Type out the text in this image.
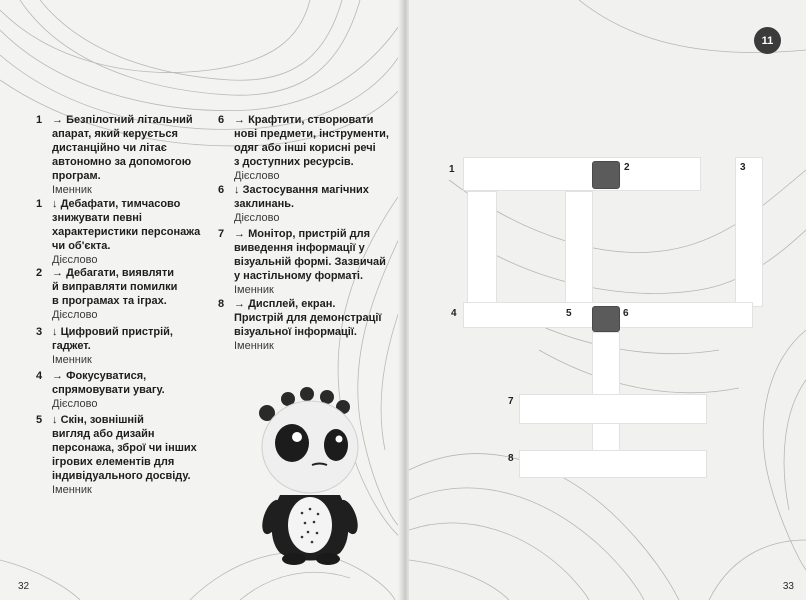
1 → Безпілотний літальний
апарат, який керується
дистанційно чи літає
автономно за допомогою
програм.
Іменник
1 ↓ Дебафати, тимчасово
знижувати певні
характеристики персонажа
чи об'єкта.
Дієслово
2 → Дебагати, виявляти
й виправляти помилки
в програмах та іграх.
Дієслово
3 ↓ Цифровий пристрій,
гаджет.
Іменник
4 → Фокусуватися,
спрямовувати увагу.
Дієслово
5 ↓ Скін, зовнішній
вигляд або дизайн
персонажа, зброї чи інших
ігрових елементів для
індивідуального досвіду.
Іменник
6 → Крафтити, створювати
нові предмети, інструменти,
одяг або інші корисні речі
з доступних ресурсів.
Дієслово
6 ↓ Застосування магічних
заклинань.
Дієслово
7 → Монітор, пристрій для
виведення інформації у
візуальній формі. Зазвичай
у настільному форматі.
Іменник
8 → Дисплей, екран.
Пристрій для демонстрації
візуальної інформації.
Іменник
32
11
1	2	3
4	5	6
7
8
33
